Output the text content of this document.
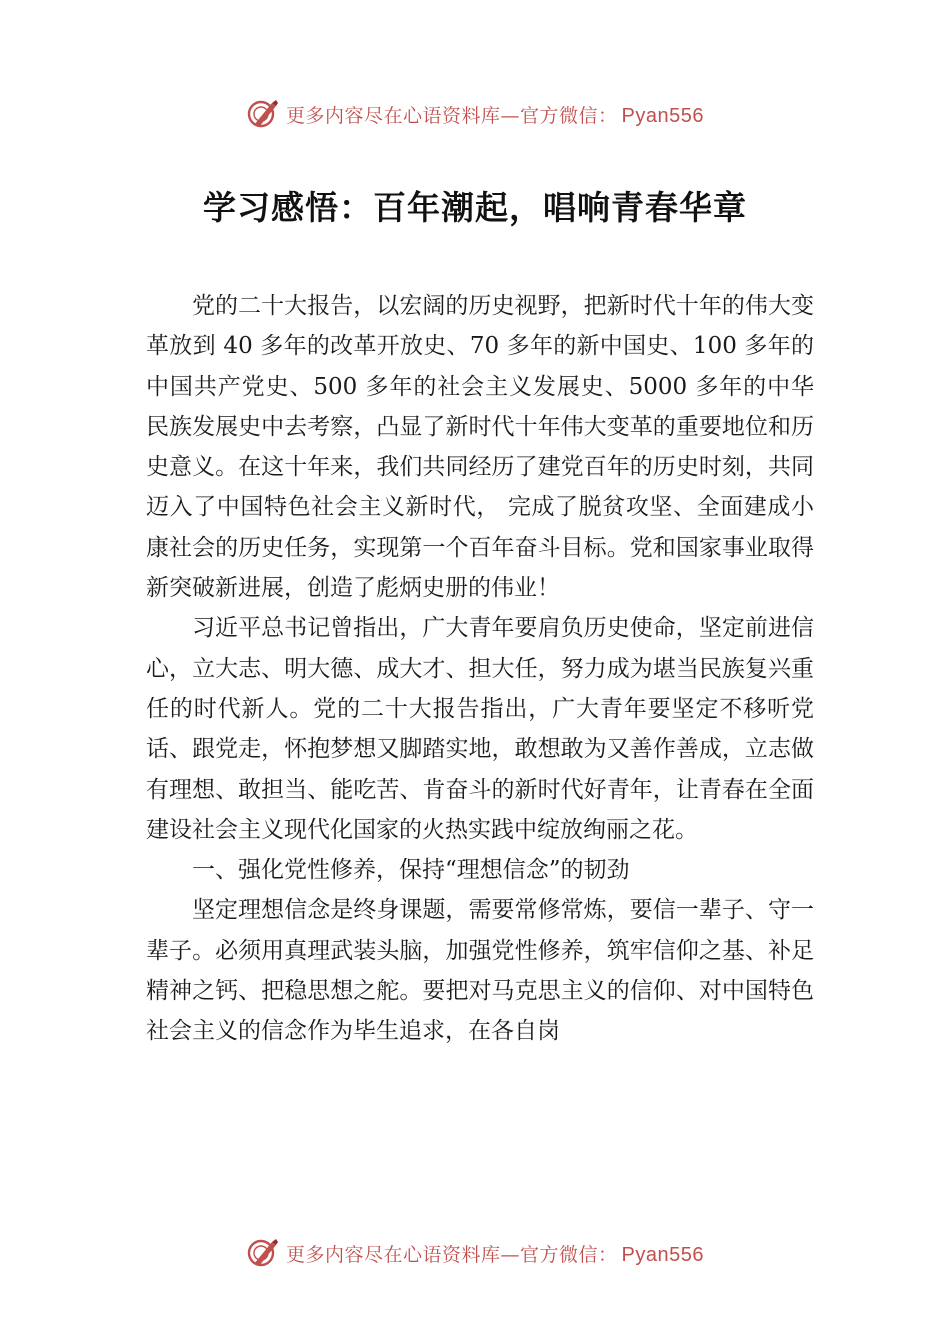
更多内容尽在心语资料库—官方微信： Pyan556
学习感悟：百年潮起，唱响青春华章

党的二十大报告，以宏阔的历史视野，把新时代十年的伟大变革放到 40 多年的改革开放史、70 多年的新中国史、100 多年的中国共产党史、500 多年的社会主义发展史、5000 多年的中华民族发展史中去考察，凸显了新时代十年伟大变革的重要地位和历史意义。在这十年来，我们共同经历了建党百年的历史时刻，共同迈入了中国特色社会主义新时代， 完成了脱贫攻坚、全面建成小康社会的历史任务，实现第一个百年奋斗目标。党和国家事业取得新突破新进展，创造了彪炳史册的伟业！

习近平总书记曾指出，广大青年要肩负历史使命，坚定前进信心，立大志、明大德、成大才、担大任，努力成为堪当民族复兴重任的时代新人。党的二十大报告指出，广大青年要坚定不移听党话、跟党走，怀抱梦想又脚踏实地，敢想敢为又善作善成，立志做有理想、敢担当、能吃苦、肯奋斗的新时代好青年，让青春在全面建设社会主义现代化国家的火热实践中绽放绚丽之花。

一、强化党性修养，保持“理想信念”的韧劲

坚定理想信念是终身课题，需要常修常炼，要信一辈子、守一辈子。必须用真理武装头脑，加强党性修养，筑牢信仰之基、补足精神之钙、把稳思想之舵。要把对马克思主义的信仰、对中国特色社会主义的信念作为毕生追求，在各自岗

更多内容尽在心语资料库—官方微信： Pyan556
